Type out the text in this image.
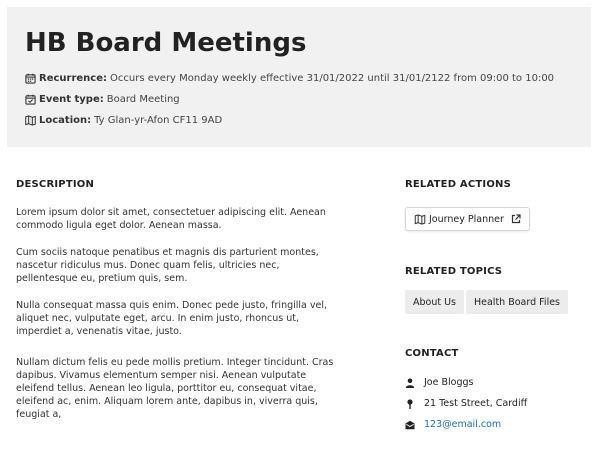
HB Board Meetings
Recurrence: Occurs every Monday weekly effective 31/01/2022 until 31/01/2122 from 09:00 to 10:00
Event type: Board Meeting
Location: Ty Glan-yr-Afon CF11 9AD
DESCRIPTION

Lorem ipsum dolor sit amet, consectetuer adipiscing elit. Aenean commodo ligula eget dolor. Aenean massa.

Cum sociis natoque penatibus et magnis dis parturient montes, nascetur ridiculus mus. Donec quam felis, ultricies nec, pellentesque eu, pretium quis, sem.

Nulla consequat massa quis enim. Donec pede justo, fringilla vel, aliquet nec, vulputate eget, arcu. In enim justo, rhoncus ut, imperdiet a, venenatis vitae, justo.

Nullam dictum felis eu pede mollis pretium. Integer tincidunt. Cras dapibus. Vivamus elementum semper nisi. Aenean vulputate eleifend tellus. Aenean leo ligula, porttitor eu, consequat vitae, eleifend ac, enim. Aliquam lorem ante, dapibus in, viverra quis, feugiat a,

RELATED ACTIONS
Journey Planner
RELATED TOPICS
About Us	Health Board Files
CONTACT
Joe Bloggs
21 Test Street, Cardiff
123@email.com
